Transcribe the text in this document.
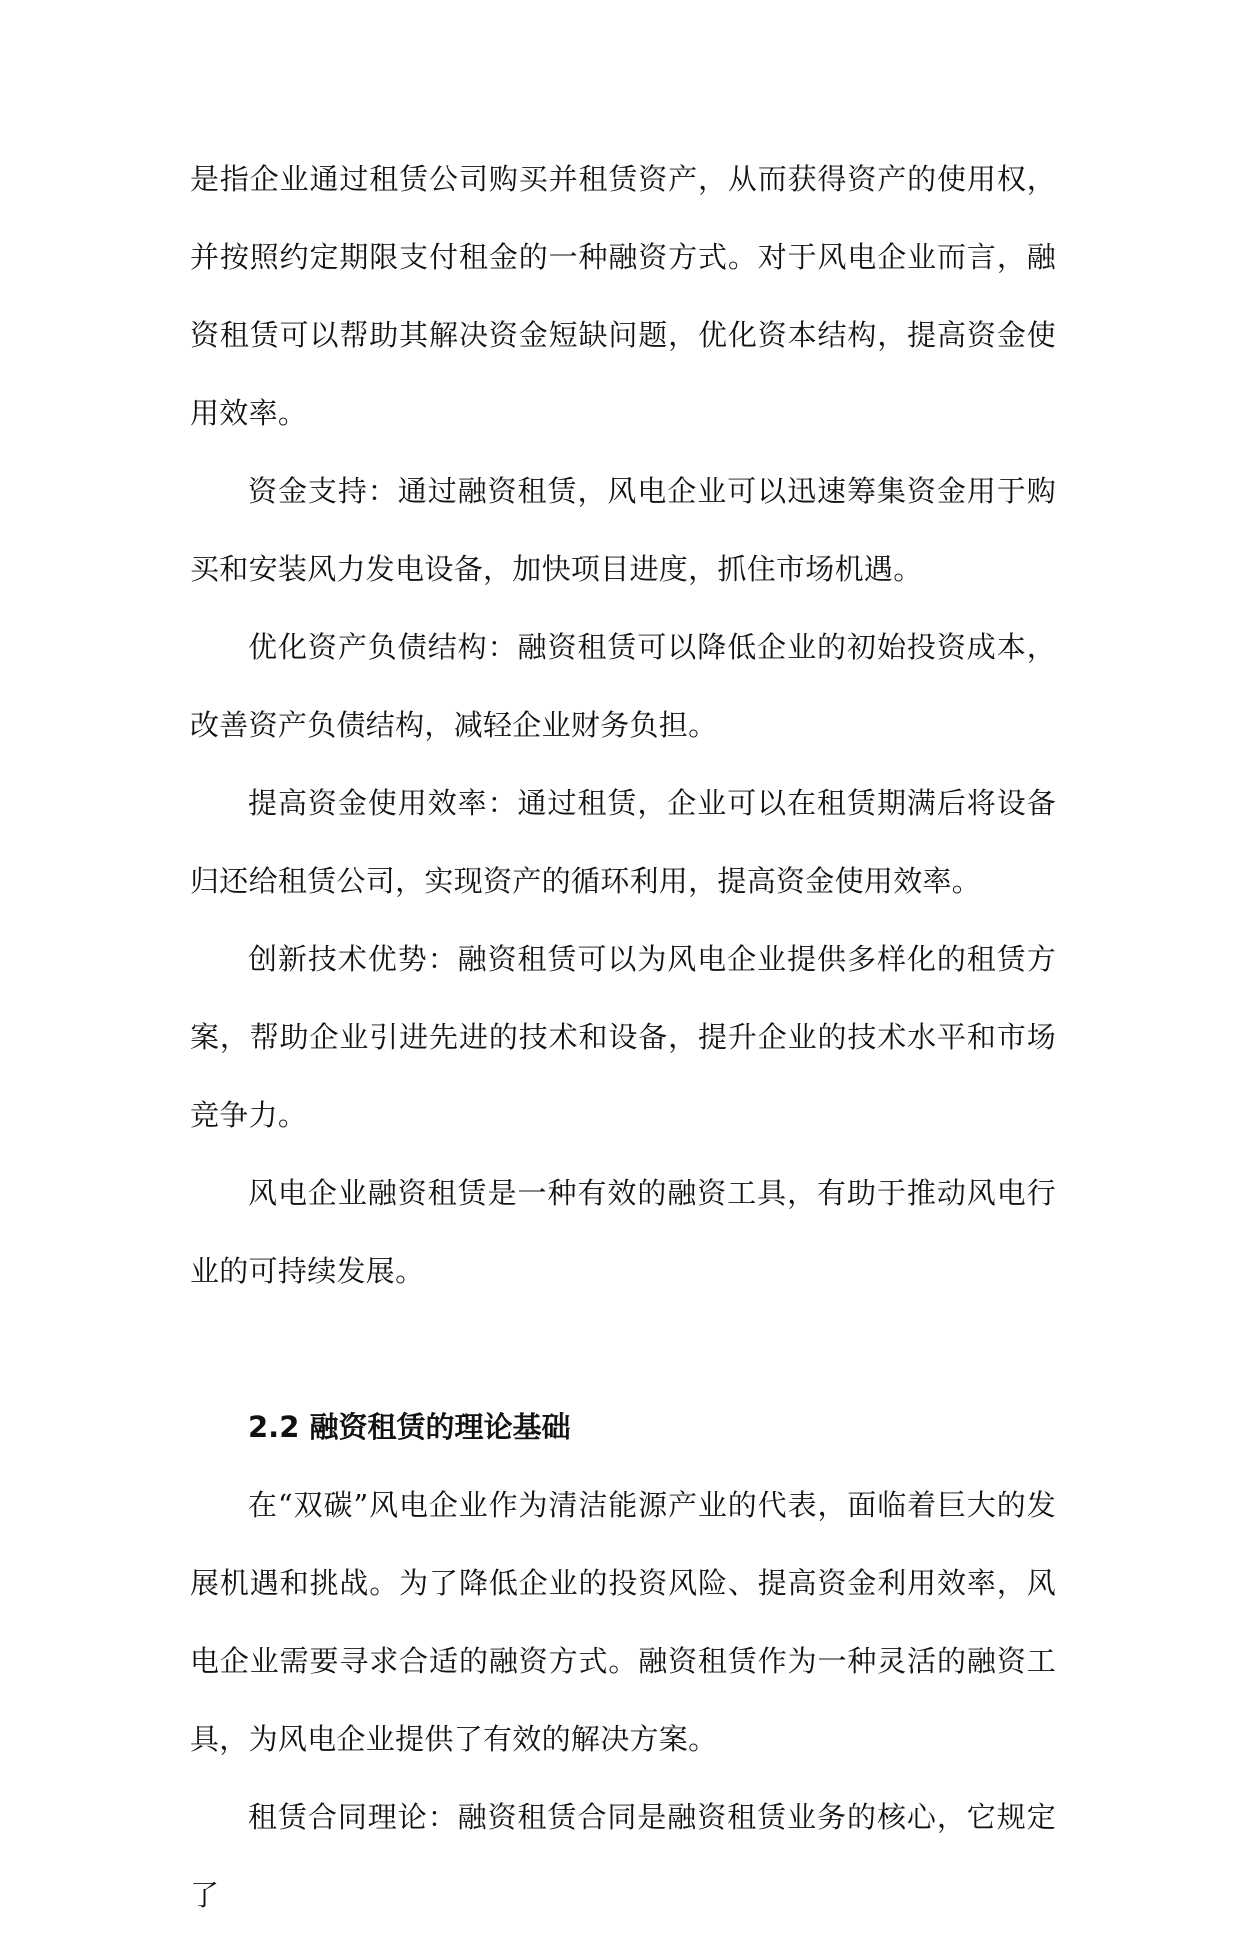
是指企业通过租赁公司购买并租赁资产，从而获得资产的使用权，并按照约定期限支付租金的一种融资方式。对于风电企业而言，融资租赁可以帮助其解决资金短缺问题，优化资本结构，提高资金使用效率。

资金支持：通过融资租赁，风电企业可以迅速筹集资金用于购买和安装风力发电设备，加快项目进度，抓住市场机遇。

优化资产负债结构：融资租赁可以降低企业的初始投资成本，改善资产负债结构，减轻企业财务负担。

提高资金使用效率：通过租赁，企业可以在租赁期满后将设备归还给租赁公司，实现资产的循环利用，提高资金使用效率。

创新技术优势：融资租赁可以为风电企业提供多样化的租赁方案，帮助企业引进先进的技术和设备，提升企业的技术水平和市场竞争力。

风电企业融资租赁是一种有效的融资工具，有助于推动风电行业的可持续发展。

2.2 融资租赁的理论基础

在“双碳”风电企业作为清洁能源产业的代表，面临着巨大的发展机遇和挑战。为了降低企业的投资风险、提高资金利用效率，风电企业需要寻求合适的融资方式。融资租赁作为一种灵活的融资工具，为风电企业提供了有效的解决方案。

租赁合同理论：融资租赁合同是融资租赁业务的核心，它规定了
